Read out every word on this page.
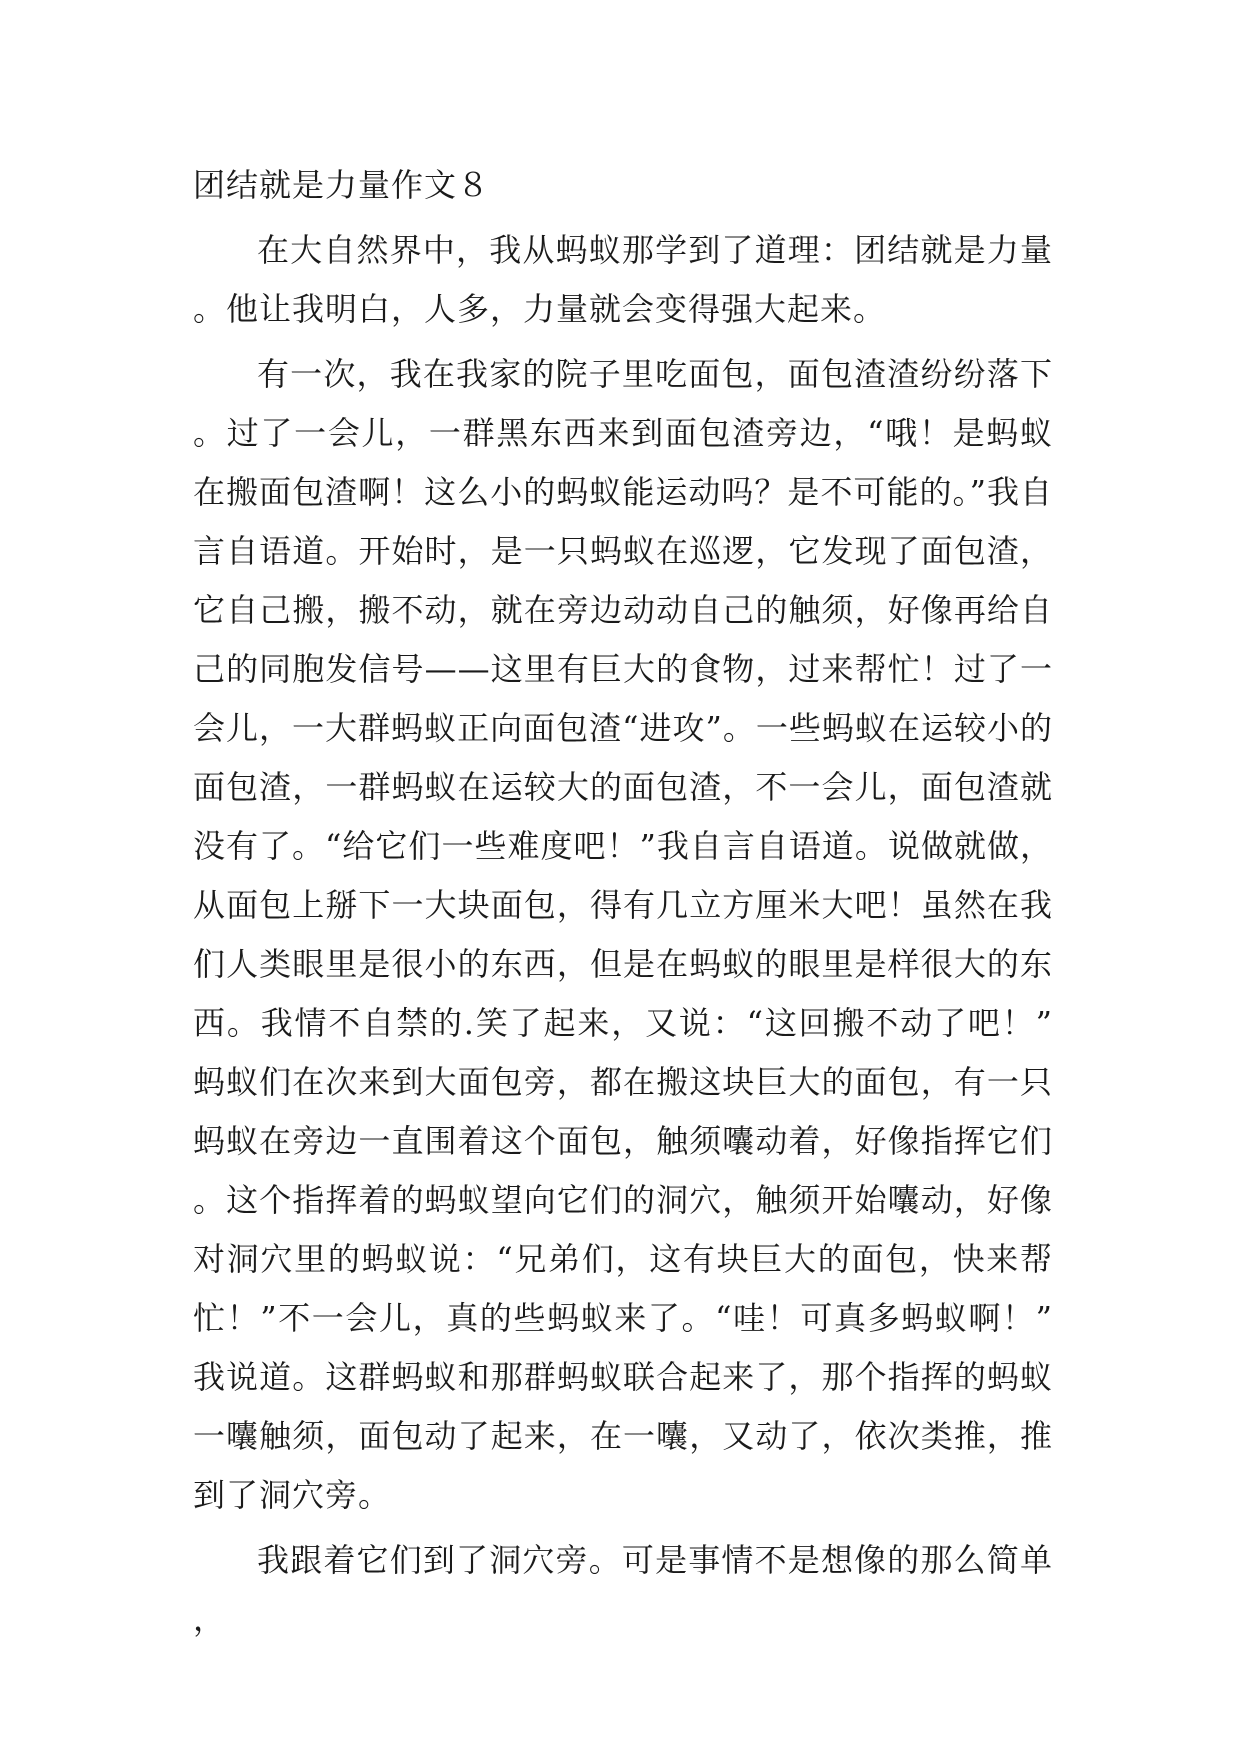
团结就是力量作文８

在大自然界中，我从蚂蚁那学到了道理：团结就是力量。他让我明白，人多，力量就会变得强大起来。

有一次，我在我家的院子里吃面包，面包渣渣纷纷落下。过了一会儿，一群黑东西来到面包渣旁边，“哦！是蚂蚁在搬面包渣啊！这么小的蚂蚁能运动吗？是不可能的。”我自言自语道。开始时，是一只蚂蚁在巡逻，它发现了面包渣，它自己搬，搬不动，就在旁边动动自己的触须，好像再给自己的同胞发信号——这里有巨大的食物，过来帮忙！过了一会儿，一大群蚂蚁正向面包渣“进攻”。一些蚂蚁在运较小的面包渣，一群蚂蚁在运较大的面包渣，不一会儿，面包渣就没有了。“给它们一些难度吧！”我自言自语道。说做就做，从面包上掰下一大块面包，得有几立方厘米大吧！虽然在我们人类眼里是很小的东西，但是在蚂蚁的眼里是样很大的东西。我情不自禁的.笑了起来，又说：“这回搬不动了吧！”蚂蚁们在次来到大面包旁，都在搬这块巨大的面包，有一只蚂蚁在旁边一直围着这个面包，触须囔动着，好像指挥它们。这个指挥着的蚂蚁望向它们的洞穴，触须开始囔动，好像对洞穴里的蚂蚁说：“兄弟们，这有块巨大的面包，快来帮忙！”不一会儿，真的些蚂蚁来了。“哇！可真多蚂蚁啊！”我说道。这群蚂蚁和那群蚂蚁联合起来了，那个指挥的蚂蚁一囔触须，面包动了起来，在一囔，又动了，依次类推，推到了洞穴旁。

我跟着它们到了洞穴旁。可是事情不是想像的那么简单，
